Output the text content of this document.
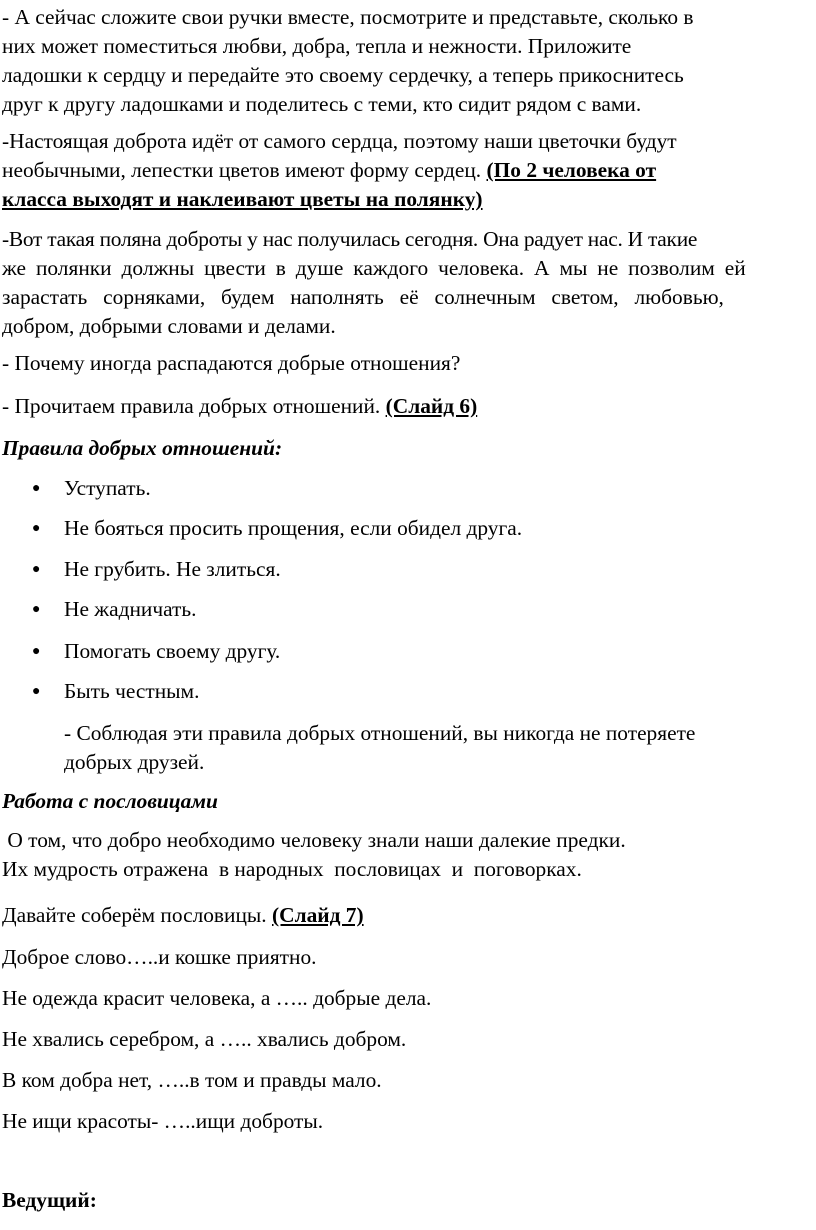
- А сейчас сложите свои ручки вместе, посмотрите и представьте, сколько в
них может поместиться любви, добра, тепла и нежности. Приложите
ладошки к сердцу и передайте это своему сердечку, а теперь прикоснитесь
друг к другу ладошками и поделитесь с теми, кто сидит рядом с вами.
-Настоящая доброта идёт от самого сердца, поэтому наши цветочки будут
необычными, лепестки цветов имеют форму сердец. (По 2 человека от
класса выходят и наклеивают цветы на полянку)
-Вот такая поляна доброты у нас получилась сегодня. Она радует нас. И такие
же полянки должны цвести в душе каждого человека. А мы не позволим ей
зарастать сорняками, будем наполнять её солнечным светом, любовью,
добром, добрыми словами и делами.
- Почему иногда распадаются добрые отношения?
- Прочитаем правила добрых отношений. (Слайд 6)
Правила добрых отношений:
● Уступать.
● Не бояться просить прощения, если обидел друга.
● Не грубить. Не злиться.
● Не жадничать.
● Помогать своему другу.
● Быть честным.
- Соблюдая эти правила добрых отношений, вы никогда не потеряете
добрых друзей.
Работа с пословицами
О том, что добро необходимо человеку знали наши далекие предки.
Их мудрость отражена  в народных  пословицах  и  поговорках.
Давайте соберём пословицы. (Слайд 7)
Доброе слово…..и кошке приятно.
Не одежда красит человека, а ….. добрые дела.
Не хвались серебром, а ….. хвались добром.
В ком добра нет, …..в том и правды мало.
Не ищи красоты- …..ищи доброты.
Ведущий:
